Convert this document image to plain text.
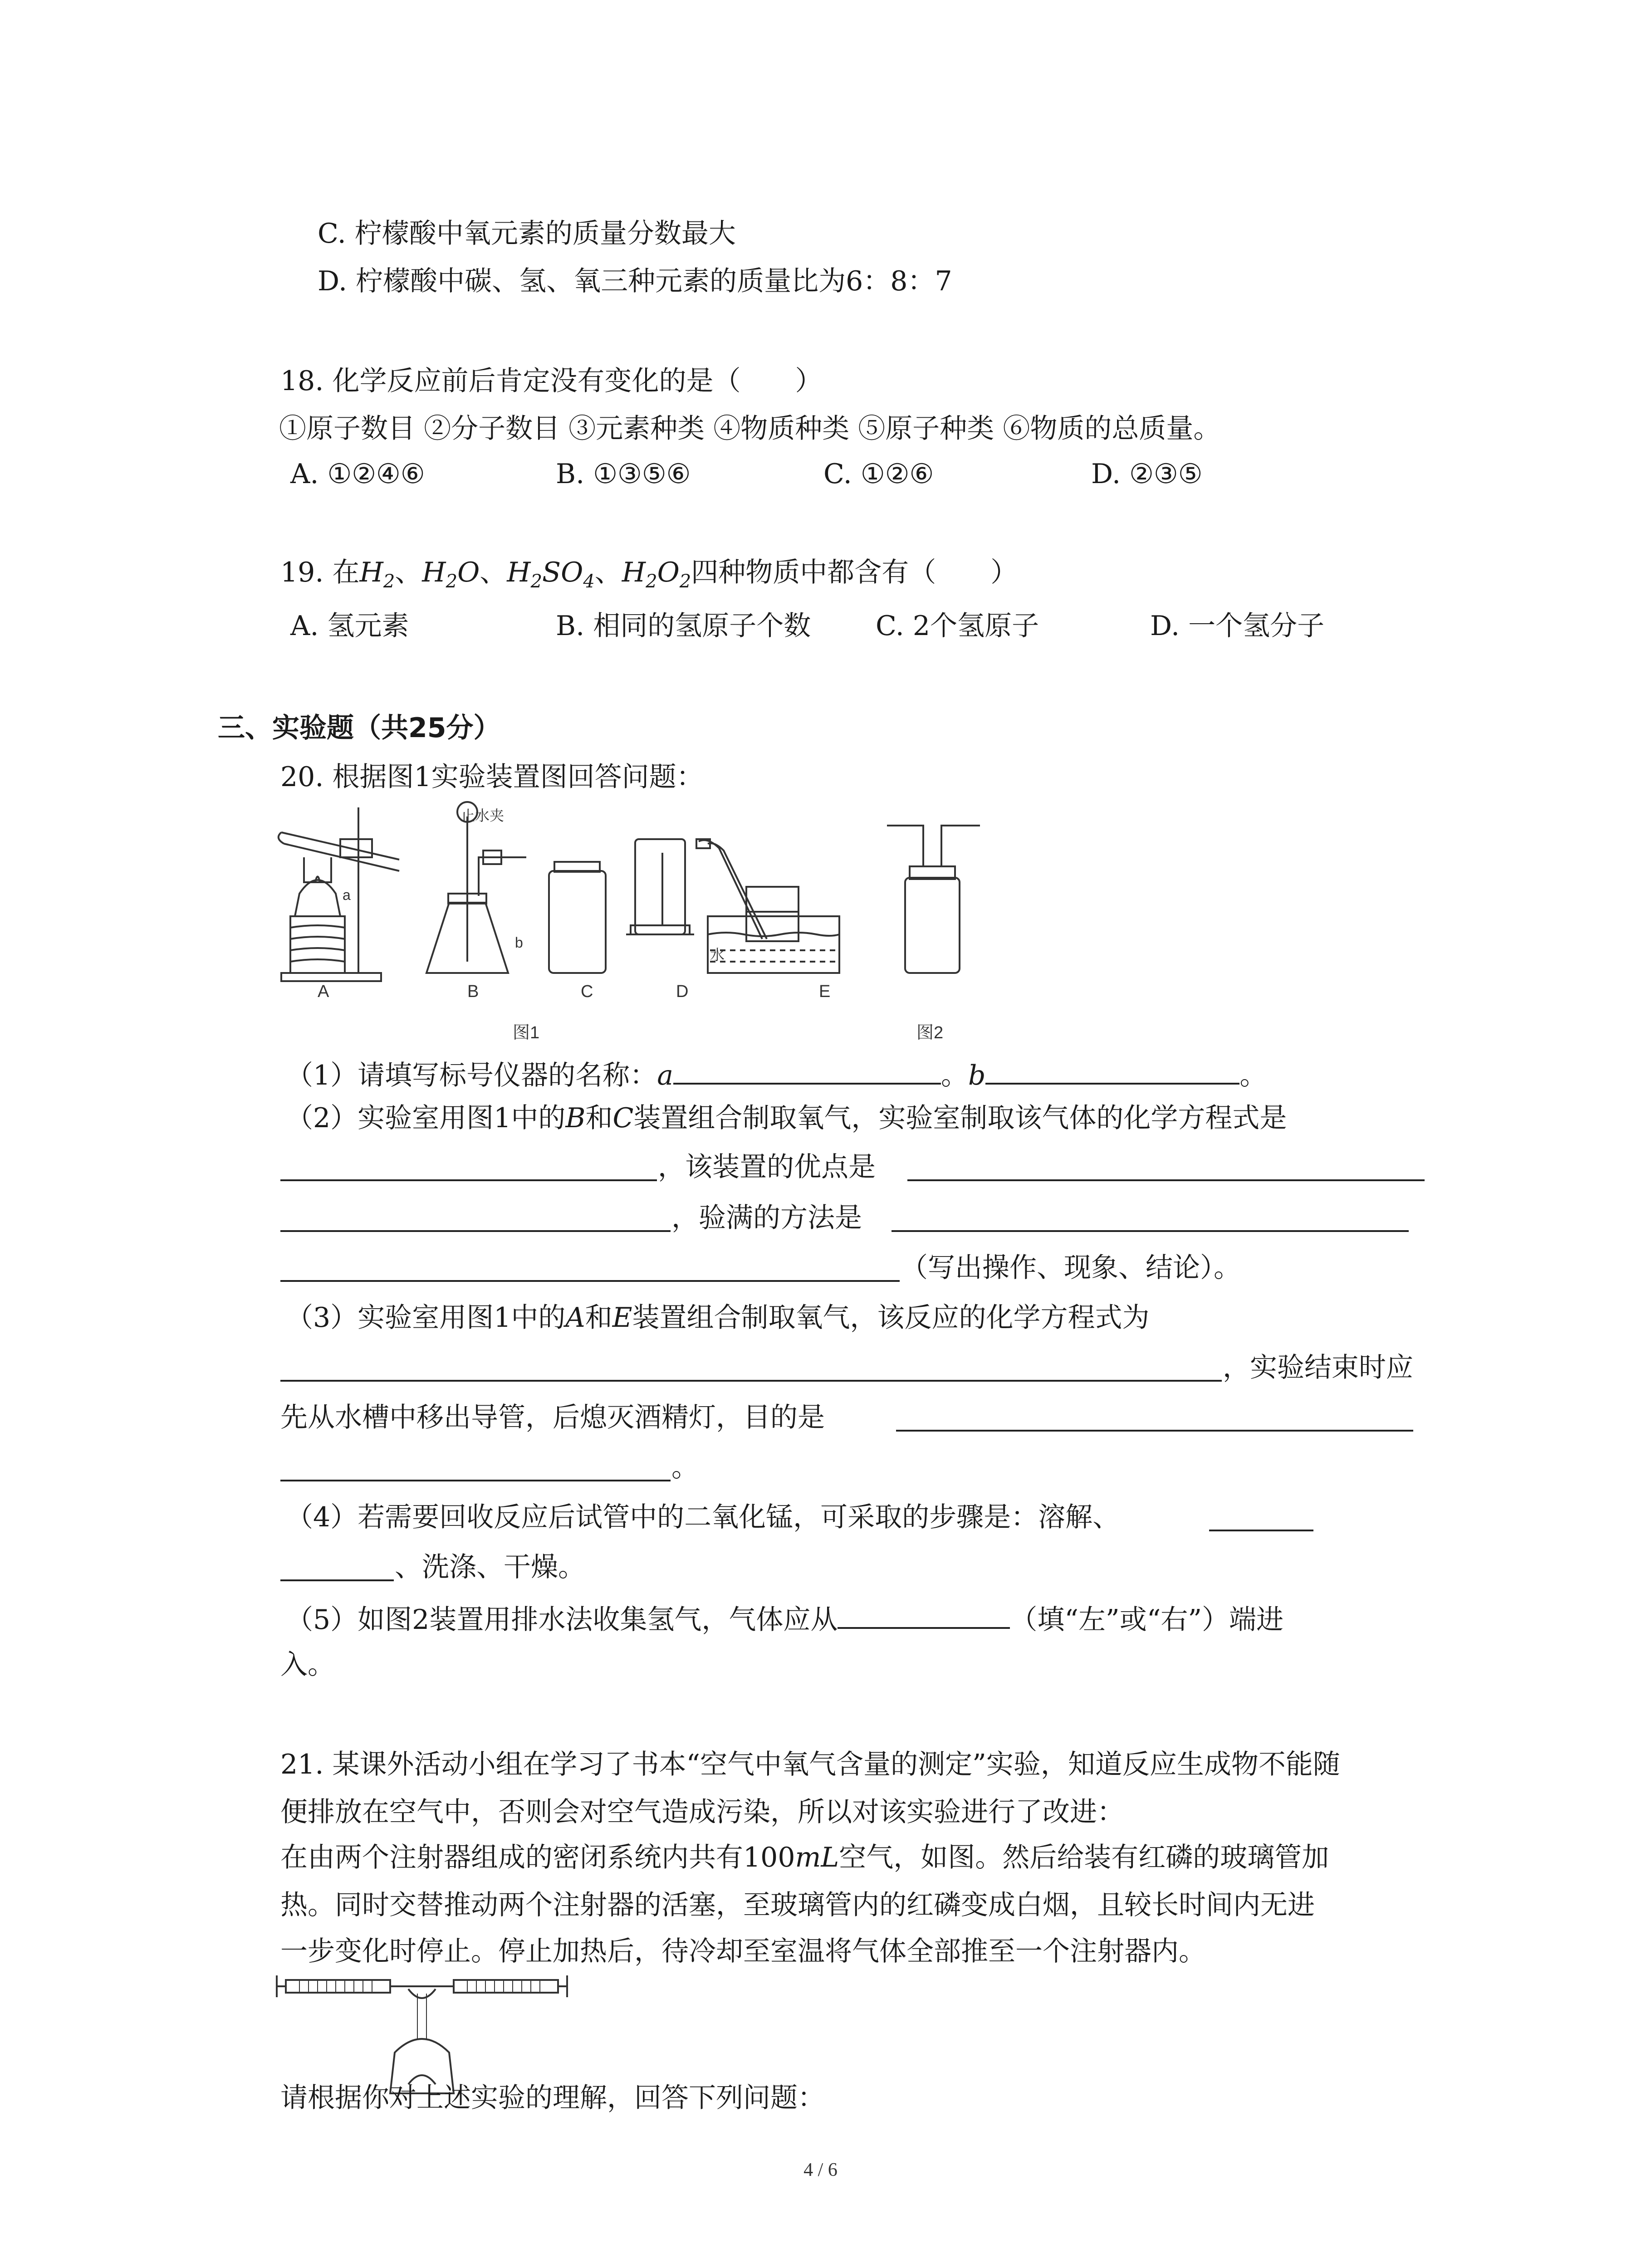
C. 柠檬酸中氧元素的质量分数最大
D. 柠檬酸中碳、氢、氧三种元素的质量比为6：8：7
18. 化学反应前后肯定没有变化的是（　　）
①原子数目 ②分子数目 ③元素种类 ④物质种类 ⑤原子种类 ⑥物质的总质量。
A. ①②④⑥	B. ①③⑤⑥	C. ①②⑥	D. ②③⑤
19. 在$H_2$、$H_2O$、$H_2SO_4$、$H_2O_2$四种物质中都含有（　　）
A. 氢元素	B. 相同的氢原子个数 C. 2个氢原子	D. 一个氢分子
三、实验题（共25分）
20. 根据图1实验装置图回答问题：
止水夹
水
a
b
A	B	C	D	E
图1	图2
（1）请填写标号仪器的名称：a	。b	。
（2）实验室用图1中的B和C装置组合制取氧气，实验室制取该气体的化学方程式是
，该装置的优点是
，验满的方法是
（写出操作、现象、结论）。
（3）实验室用图1中的A和E装置组合制取氧气，该反应的化学方程式为
，实验结束时应
先从水槽中移出导管，后熄灭酒精灯，目的是
。
（4）若需要回收反应后试管中的二氧化锰，可采取的步骤是：溶解、
、洗涤、干燥。
（5）如图2装置用排水法收集氢气，气体应从	（填“左”或“右”）端进
入。
21. 某课外活动小组在学习了书本“空气中氧气含量的测定”实验，知道反应生成物不能随
便排放在空气中，否则会对空气造成污染，所以对该实验进行了改进：
在由两个注射器组成的密闭系统内共有100mL空气，如图。然后给装有红磷的玻璃管加
热。同时交替推动两个注射器的活塞，至玻璃管内的红磷变成白烟，且较长时间内无进
一步变化时停止。停止加热后，待冷却至室温将气体全部推至一个注射器内。
请根据你对上述实验的理解，回答下列问题：
4 / 6
